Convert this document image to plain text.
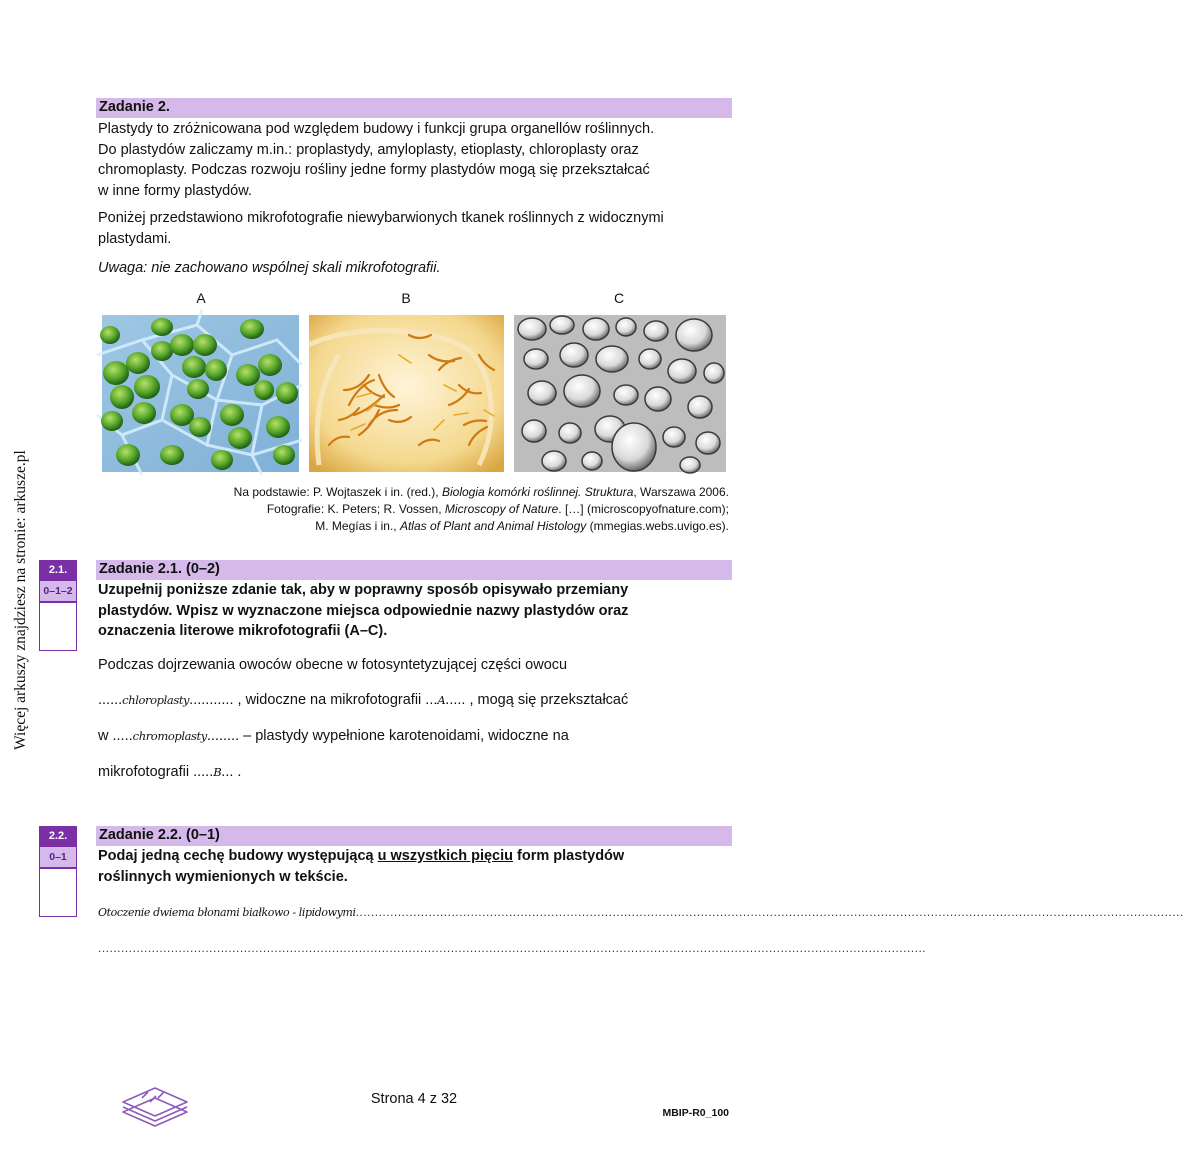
Więcej arkuszy znajdziesz na stronie: arkusze.pl
Zadanie 2.
Plastydy to zróżnicowana pod względem budowy i funkcji grupa organellów roślinnych.
Do plastydów zaliczamy m.in.: proplastydy, amyloplasty, etioplasty, chloroplasty oraz
chromoplasty. Podczas rozwoju rośliny jedne formy plastydów mogą się przekształcać
w inne formy plastydów.
Poniżej przedstawiono mikrofotografie niewybarwionych tkanek roślinnych z widocznymi
plastydami.
Uwaga: nie zachowano wspólnej skali mikrofotografii.
A	B	C
Na podstawie: P. Wojtaszek i in. (red.), Biologia komórki roślinnej. Struktura, Warszawa 2006.
Fotografie: K. Peters; R. Vossen, Microscopy of Nature. […] (microscopyofnature.com);
M. Megías i in., Atlas of Plant and Animal Histology (mmegias.webs.uvigo.es).
2.1.
0–1–2
Zadanie 2.1. (0–2)
Uzupełnij poniższe zdanie tak, aby w poprawny sposób opisywało przemiany
plastydów. Wpisz w wyznaczone miejsca odpowiednie nazwy plastydów oraz
oznaczenia literowe mikrofotografii (A–C).
Podczas dojrzewania owoców obecne w fotosyntetyzującej części owocu
......chloroplasty........... , widoczne na mikrofotografii ...A..... , mogą się przekształcać
w .....chromoplasty........ – plastydy wypełnione karotenoidami, widoczne na
mikrofotografii .....B... .
2.2.
0–1
Zadanie 2.2. (0–1)
Podaj jedną cechę budowy występującą u wszystkich pięciu form plastydów
roślinnych wymienionych w tekście.
Otoczenie dwiema błonami białkowo - lipidowymi........................................................................................................................................................................................................................
........................................................................................................................................................................................................................
Strona 4 z 32
MBIP-R0_100
